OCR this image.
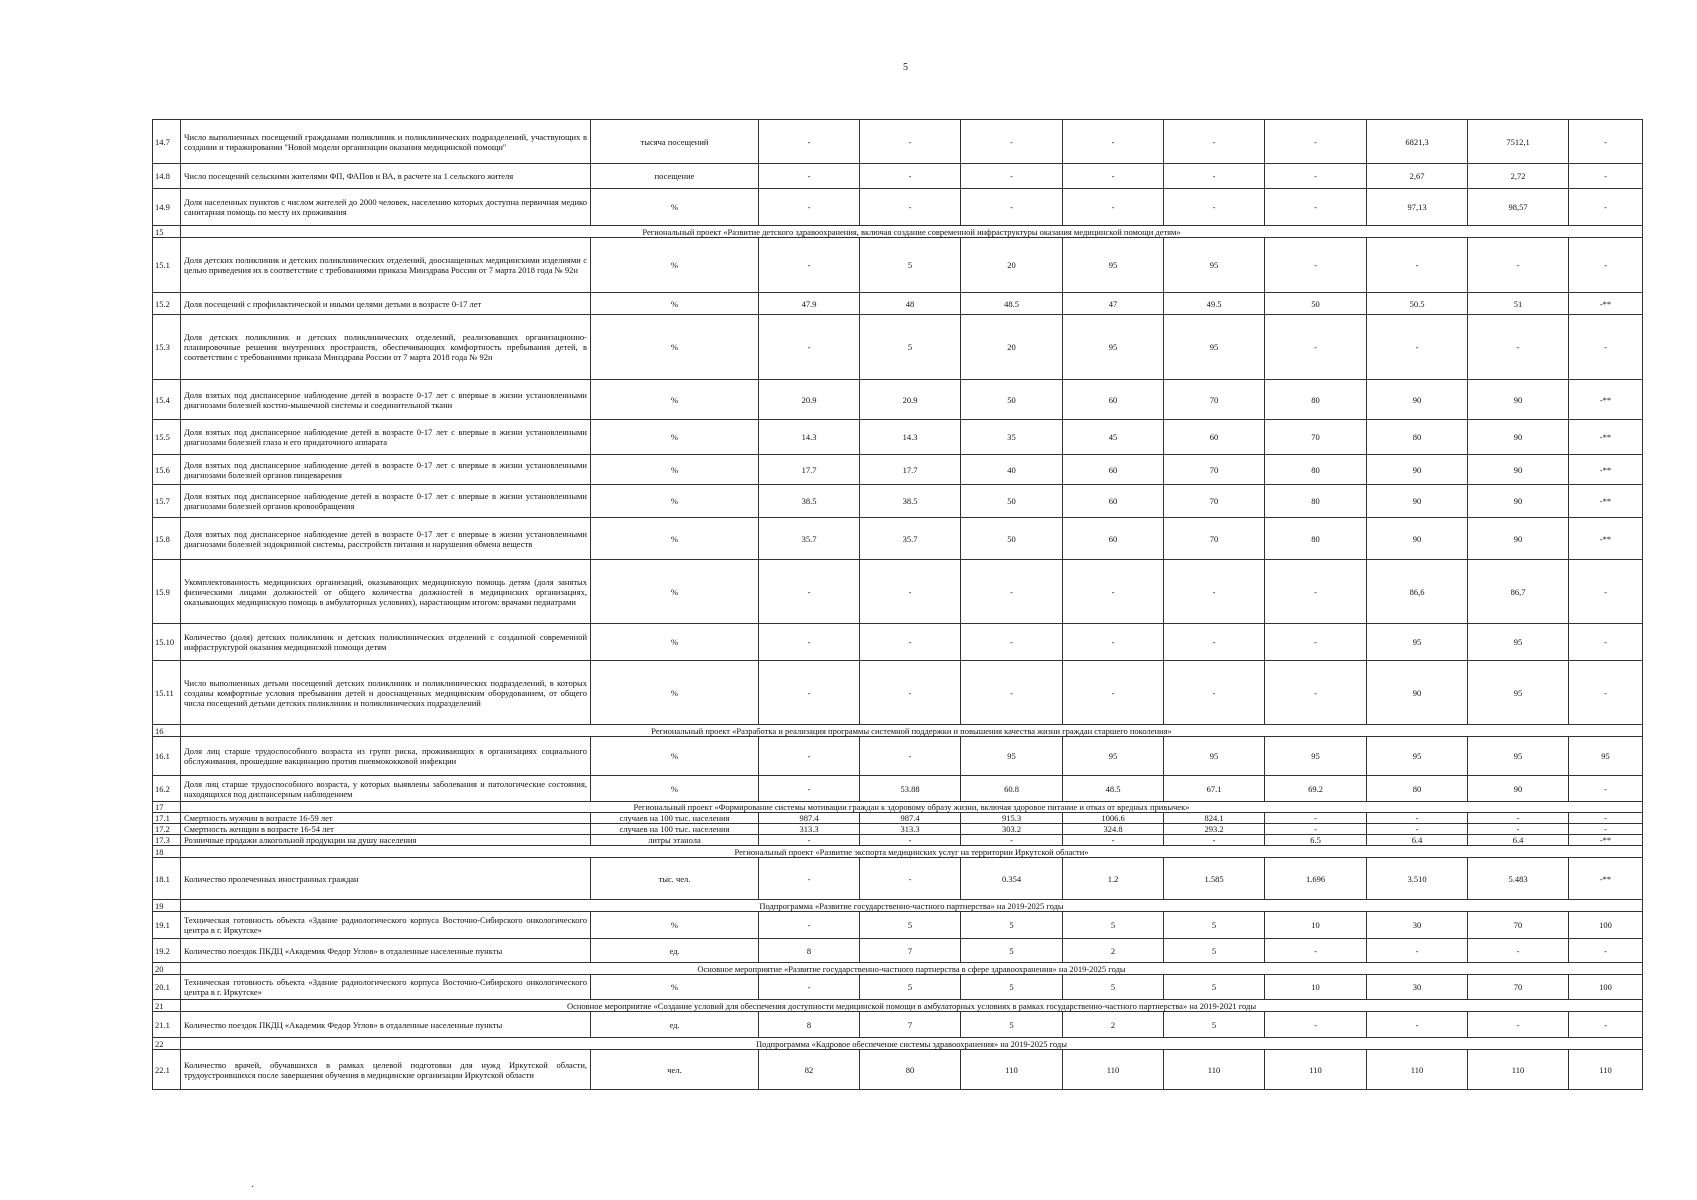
5
14.7	Число выполненных посещений гражданами поликлиник и поликлинических подразделений, участвующих в создании и тиражировании "Новой модели организации оказания медицинской помощи"	тысяча посещений	-	-	-	-	-	-	6821,3	7512,1	-
14.8	Число посещений сельскими жителями ФП, ФАПов и ВА, в расчете на 1 сельского жителя	посещение	-	-	-	-	-	-	2,67	2,72	-
14.9	Доля населенных пунктов с числом жителей до 2000 человек, населению которых доступна первичная медико санитарная помощь по месту их проживания	%	-	-	-	-	-	-	97,13	98,57	-
15	Региональный проект «Развитие детского здравоохранения, включая создание современной инфраструктуры оказания медицинской помощи детям»										
15.1	Доля детских поликлиник и детских поликлинических отделений, дооснащенных медицинскими изделиями с целью приведения их в соответствие с требованиями приказа Минздрава России от 7 марта 2018 года № 92н	%	-	5	20	95	95	-	-	-	-
15.2	Доля посещений с профилактической и иными целями детьми в возрасте 0-17 лет	%	47.9	48	48.5	47	49.5	50	50.5	51	-**
15.3	Доля детских поликлиник и детских поликлинических отделений, реализовавших организационно-планировочные решения внутренних пространств, обеспечивающих комфортность пребывания детей, в соответствии с требованиями приказа Минздрава России от 7 марта 2018 года № 92н	%	-	5	20	95	95	-	-	-	-
15.4	Доля взятых под диспансерное наблюдение детей в возрасте 0-17 лет с впервые в жизни установленными диагнозами болезней костно-мышечной системы и соединительной ткани	%	20.9	20.9	50	60	70	80	90	90	-**
15.5	Доля взятых под диспансерное наблюдение детей в возрасте 0-17 лет с впервые в жизни установленными диагнозами болезней глаза и его придаточного аппарата	%	14.3	14.3	35	45	60	70	80	90	-**
15.6	Доля взятых под диспансерное наблюдение детей в возрасте 0-17 лет с впервые в жизни установленными диагнозами болезней органов пищеварения	%	17.7	17.7	40	60	70	80	90	90	-**
15.7	Доля взятых под диспансерное наблюдение детей в возрасте 0-17 лет с впервые в жизни установленными диагнозами болезней органов кровообращения	%	38.5	38.5	50	60	70	80	90	90	-**
15.8	Доля взятых под диспансерное наблюдение детей в возрасте 0-17 лет с впервые в жизни установленными диагнозами болезней эндокринной системы, расстройств питания и нарушения обмена веществ	%	35.7	35.7	50	60	70	80	90	90	-**
15.9	Укомплектованность медицинских организаций, оказывающих медицинскую помощь детям (доля занятых физическими лицами должностей от общего количества должностей в медицинских организациях, оказывающих медицинскую помощь в амбулаторных условиях), нарастающим итогом: врачами педиатрами	%	-	-	-	-	-	-	86,6	86,7	-
15.10	Количество (доля) детских поликлиник и детских поликлинических отделений с созданной современной инфраструктурой оказания медицинской помощи детям	%	-	-	-	-	-	-	95	95	-
15.11	Число выполненных детьми посещений детских поликлиник и поликлинических подразделений, в которых созданы комфортные условия пребывания детей и дооснащенных медицинским оборудованием, от общего числа посещений детьми детских поликлиник и поликлинических подразделений	%	-	-	-	-	-	-	90	95	-
16	Региональный проект «Разработка и реализация программы системной поддержки и повышения качества жизни граждан старшего поколения»										
16.1	Доля лиц старше трудоспособного возраста из групп риска, проживающих в организациях социального обслуживания, прошедшие вакцинацию против пневмококковой инфекции	%	-	-	95	95	95	95	95	95	95
16.2	Доля лиц старше трудоспособного возраста, у которых выявлены заболевания и патологические состояния, находящихся под диспансерным наблюдением	%	-	53.88	60.8	48.5	67.1	69.2	80	90	-
17	Региональный проект «Формирование системы мотивации граждан к здоровому образу жизни, включая здоровое питание и отказ от вредных привычек»										
17.1	Смертность мужчин в возрасте 16-59 лет	случаев на 100 тыс. населения	987.4	987.4	915.3	1006.6	824.1	-	-	-	-
17.2	Смертность женщин в возрасте 16-54 лет	случаев на 100 тыс. населения	313.3	313.3	303.2	324.8	293.2	-	-	-	-
17.3	Розничные продажи алкогольной продукции на душу населения	литры этанола	-	-	-	-	-	6.5	6.4	6.4	-**
18	Региональный проект «Развитие экспорта медицинских услуг на территории Иркутской области»										
18.1	Количество пролеченных иностранных граждан	тыс. чел.	-	-	0.354	1.2	1.585	1.696	3.510	5.483	-**
19	Подпрограмма «Развитие государственно-частного партнерства» на 2019-2025 годы										
19.1	Техническая готовность объекта «Здание радиологического корпуса Восточно-Сибирского онкологического центра в г. Иркутске»	%	-	5	5	5	5	10	30	70	100
19.2	Количество поездок ПКДЦ «Академик Федор Углов» в отдаленные населенные пункты	ед.	8	7	5	2	5	-	-	-	-
20	Основное мероприятие «Развитие государственно-частного партнерства в сфере здравоохранения» на 2019-2025 годы										
20.1	Техническая готовность объекта «Здание радиологического корпуса Восточно-Сибирского онкологического центра в г. Иркутске»	%	-	5	5	5	5	10	30	70	100
21	Основное мероприятие «Создание условий для обеспечения доступности медицинской помощи в амбулаторных условиях в рамках государственно-частного партнерства» на 2019-2021 годы										
21.1	Количество поездок ПКДЦ «Академик Федор Углов» в отдаленные населенные пункты	ед.	8	7	5	2	5	-	-	-	-
22	Подпрограмма «Кадровое обеспечение системы здравоохранения» на 2019-2025 годы										
22.1	Количество врачей, обучавшихся в рамках целевой подготовки для нужд Иркутской области, трудоустроившихся после завершения обучения в медицинские организации Иркутской области	чел.	82	80	110	110	110	110	110	110	110
·
